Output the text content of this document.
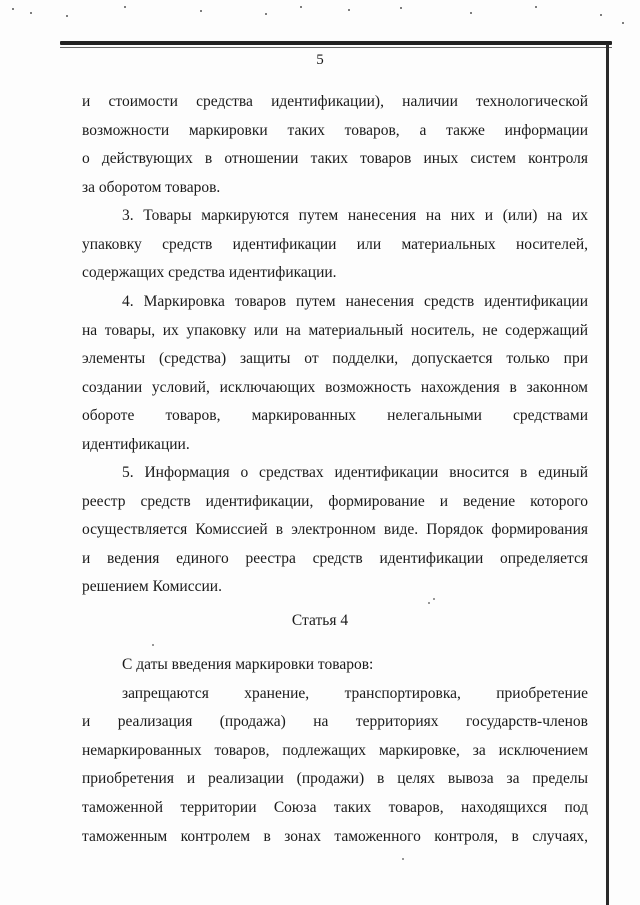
5
и стоимости средства идентификации), наличии технологической
возможности маркировки таких товаров, а также информации
о действующих в отношении таких товаров иных систем контроля
за оборотом товаров.
3. Товары маркируются путем нанесения на них и (или) на их
упаковку средств идентификации или материальных носителей,
содержащих средства идентификации.
4. Маркировка товаров путем нанесения средств идентификации
на товары, их упаковку или на материальный носитель, не содержащий
элементы (средства) защиты от подделки, допускается только при
создании условий, исключающих возможность нахождения в законном
обороте товаров, маркированных нелегальными средствами
идентификации.
5. Информация о средствах идентификации вносится в единый
реестр средств идентификации, формирование и ведение которого
осуществляется Комиссией в электронном виде. Порядок формирования
и ведения единого реестра средств идентификации определяется
решением Комиссии.
Статья 4
С даты введения маркировки товаров:
запрещаются хранение, транспортировка, приобретение
и реализация (продажа) на территориях государств-членов
немаркированных товаров, подлежащих маркировке, за исключением
приобретения и реализации (продажи) в целях вывоза за пределы
таможенной территории Союза таких товаров, находящихся под
таможенным контролем в зонах таможенного контроля, в случаях,
